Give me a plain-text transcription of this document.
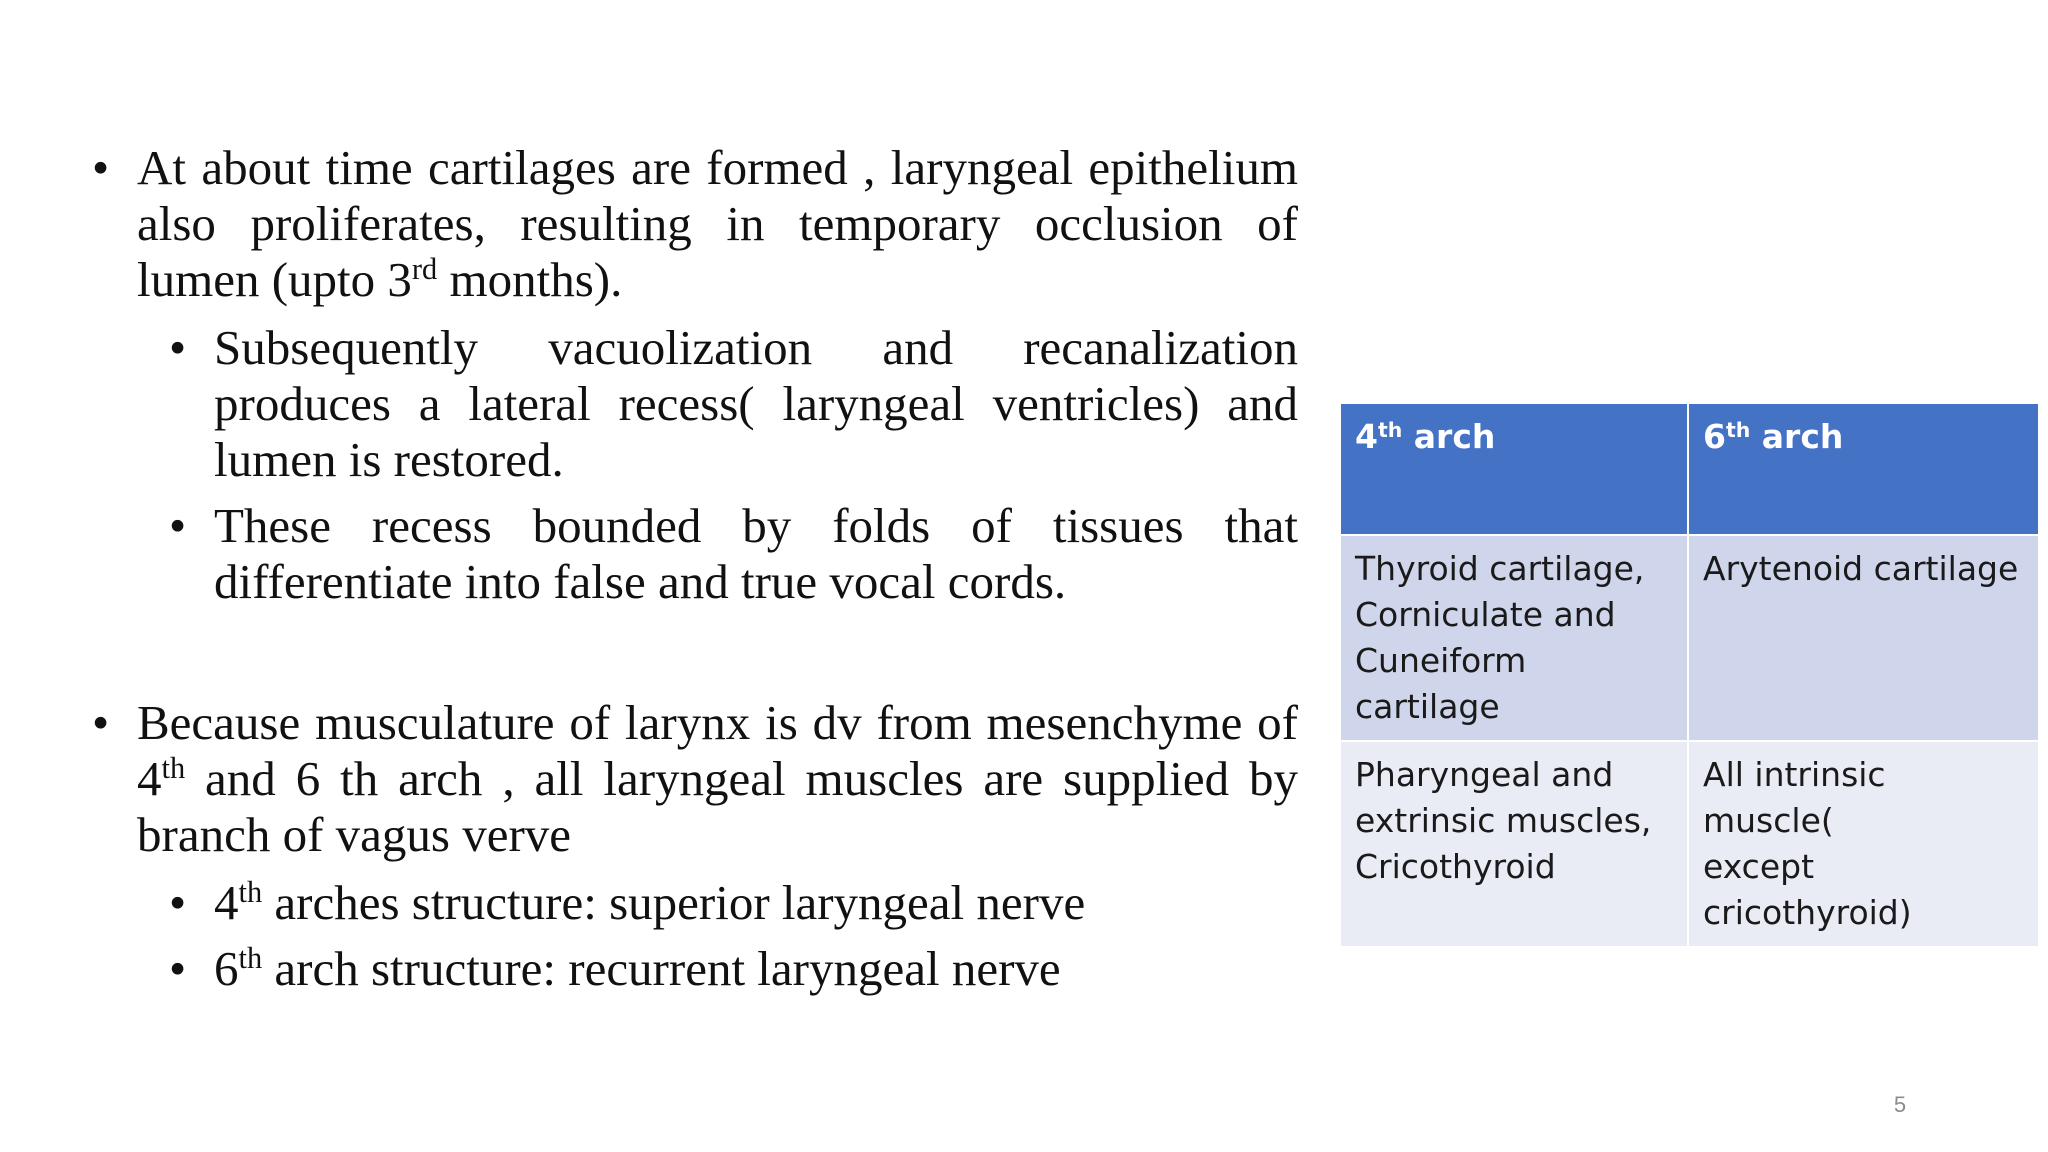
• At about time cartilages are formed , laryngeal epithelium also proliferates, resulting in temporary occlusion of lumen (upto 3rd months).
• Subsequently vacuolization and recanalization produces a lateral recess( laryngeal ventricles) and lumen is restored.
• These recess bounded by folds of tissues that differentiate into false and true vocal cords.
• Because musculature of larynx is dv from mesenchyme of 4th and 6 th arch , all laryngeal muscles are supplied by branch of vagus verve
• 4th arches structure: superior laryngeal nerve
• 6th arch structure: recurrent laryngeal nerve
4th arch	6th arch

Thyroid cartilage,
Corniculate and
Cuneiform cartilage	Arytenoid cartilage

Pharyngeal and
extrinsic muscles,
Cricothyroid	All intrinsic muscle(
except cricothyroid)
5
